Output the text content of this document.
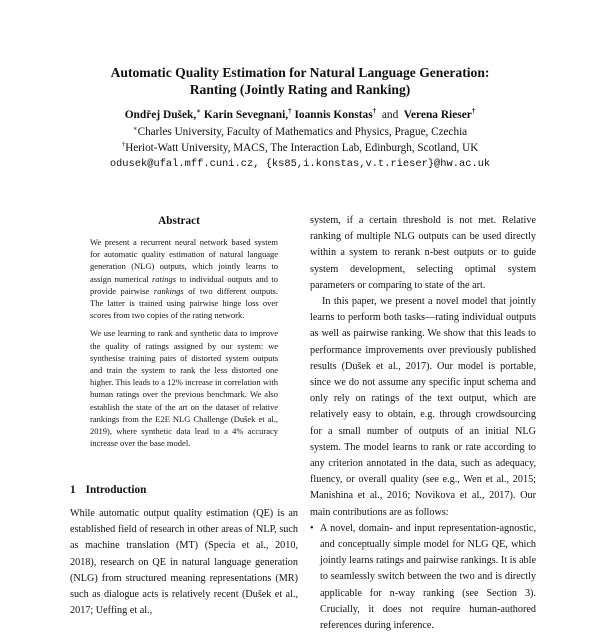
Automatic Quality Estimation for Natural Language Generation:
Ranting (Jointly Rating and Ranking)
Ondřej Dušek,∗ Karin Sevegnani,† Ioannis Konstas† and Verena Rieser†
∗Charles University, Faculty of Mathematics and Physics, Prague, Czechia
†Heriot-Watt University, MACS, The Interaction Lab, Edinburgh, Scotland, UK
odusek@ufal.mff.cuni.cz, {ks85,i.konstas,v.t.rieser}@hw.ac.uk
Abstract

We present a recurrent neural network based system for automatic quality estimation of natural language generation (NLG) outputs, which jointly learns to assign numerical ratings to individual outputs and to provide pairwise rankings of two different outputs. The latter is trained using pairwise hinge loss over scores from two copies of the rating network.

We use learning to rank and synthetic data to improve the quality of ratings assigned by our system: we synthesise training pairs of distorted system outputs and train the system to rank the less distorted one higher. This leads to a 12% increase in correlation with human ratings over the previous benchmark. We also establish the state of the art on the dataset of relative rankings from the E2E NLG Challenge (Dušek et al., 2019), where synthetic data lead to a 4% accuracy increase over the base model.

1 Introduction

While automatic output quality estimation (QE) is an established field of research in other areas of NLP, such as machine translation (MT) (Specia et al., 2010, 2018), research on QE in natural language generation (NLG) from structured meaning representations (MR) such as dialogue acts is relatively recent (Dušek et al., 2017; Ueffing et al.,

system, if a certain threshold is not met. Relative ranking of multiple NLG outputs can be used directly within a system to rerank n-best outputs or to guide system development, selecting optimal system parameters or comparing to state of the art.

In this paper, we present a novel model that jointly learns to perform both tasks—rating individual outputs as well as pairwise ranking. We show that this leads to performance improvements over previously published results (Dušek et al., 2017). Our model is portable, since we do not assume any specific input schema and only rely on ratings of the text output, which are relatively easy to obtain, e.g. through crowdsourcing for a small number of outputs of an initial NLG system. The model learns to rank or rate according to any criterion annotated in the data, such as adequacy, fluency, or overall quality (see e.g., Wen et al., 2015; Manishina et al., 2016; Novikova et al., 2017). Our main contributions are as follows:

• A novel, domain- and input representation-agnostic, and conceptually simple model for NLG QE, which jointly learns ratings and pairwise rankings. It is able to seamlessly switch between the two and is directly applicable for n-way ranking (see Section 3). Crucially, it does not require human-authored references during inference.
